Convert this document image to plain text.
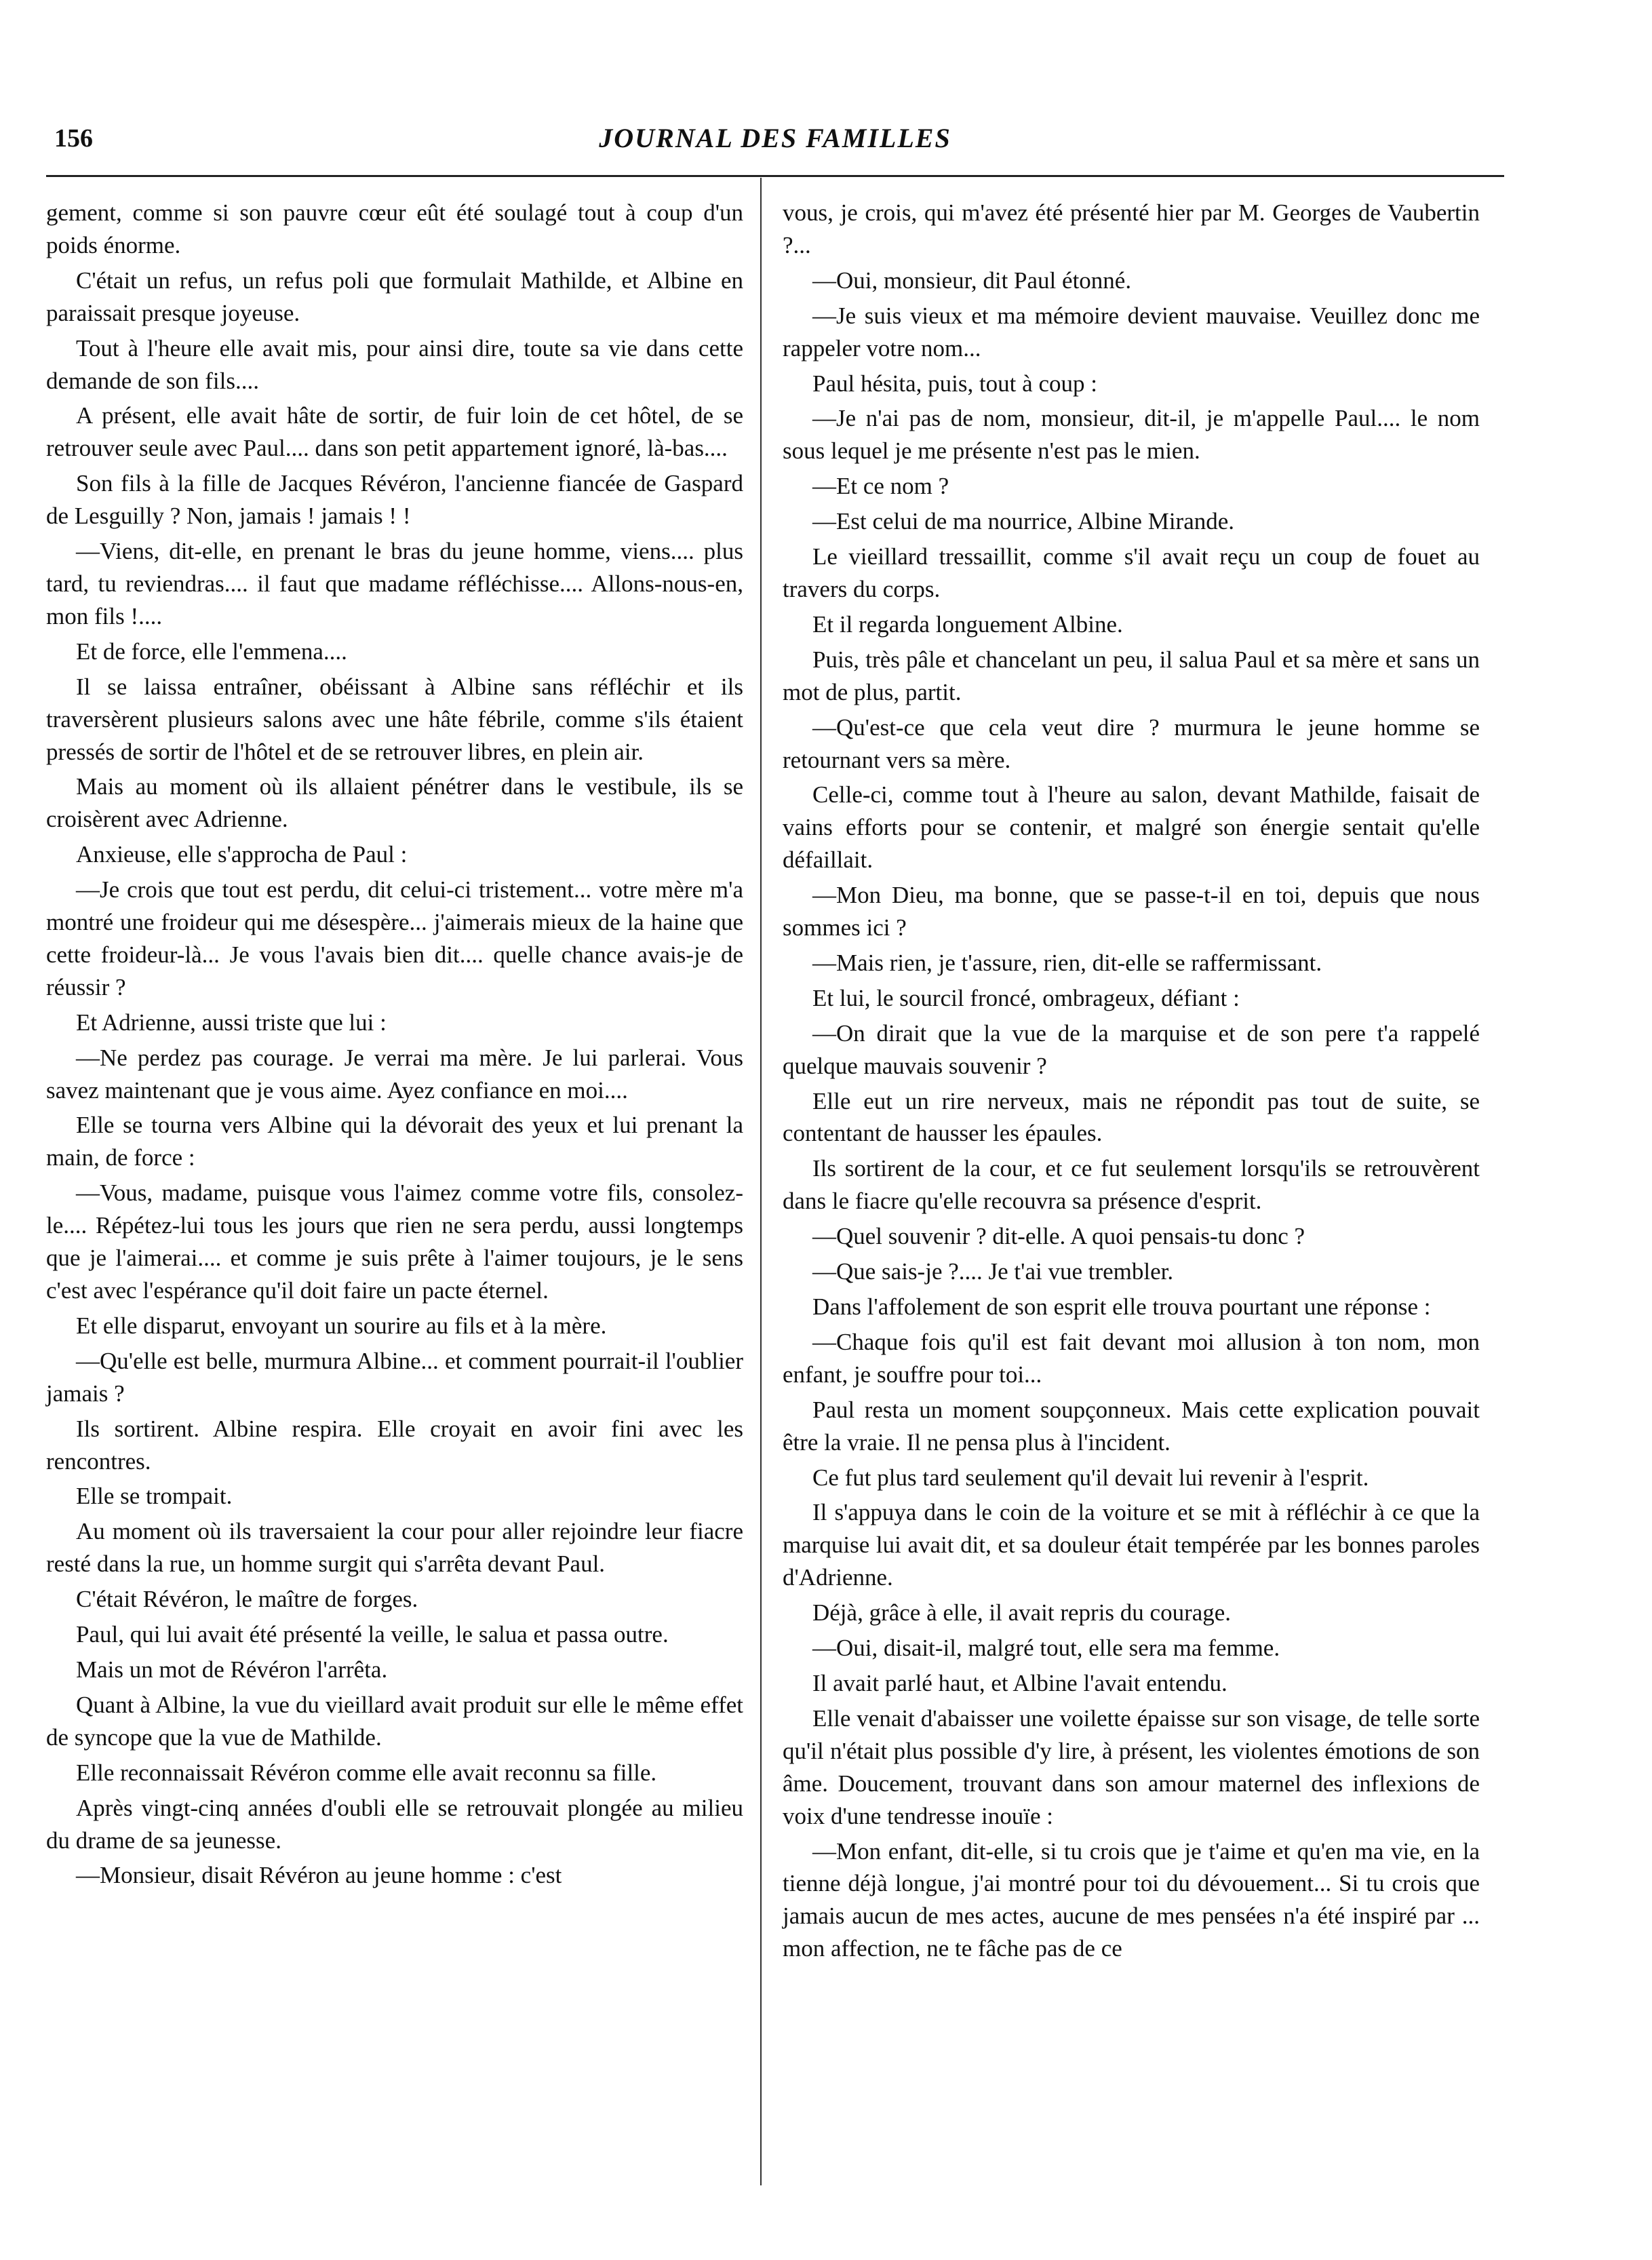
156	JOURNAL DES FAMILLES

gement, comme si son pauvre cœur eût été soulagé tout à coup d'un poids énorme.

C'était un refus, un refus poli que formulait Mathilde, et Albine en paraissait presque joyeuse.

Tout à l'heure elle avait mis, pour ainsi dire, toute sa vie dans cette demande de son fils....

A présent, elle avait hâte de sortir, de fuir loin de cet hôtel, de se retrouver seule avec Paul.... dans son petit appartement ignoré, là-bas....

Son fils à la fille de Jacques Révéron, l'ancienne fiancée de Gaspard de Lesguilly ? Non, jamais ! jamais ! !

—Viens, dit-elle, en prenant le bras du jeune homme, viens.... plus tard, tu reviendras.... il faut que madame réfléchisse.... Allons-nous-en, mon fils !....

Et de force, elle l'emmena....

Il se laissa entraîner, obéissant à Albine sans réfléchir et ils traversèrent plusieurs salons avec une hâte fébrile, comme s'ils étaient pressés de sortir de l'hôtel et de se retrouver libres, en plein air.

Mais au moment où ils allaient pénétrer dans le vestibule, ils se croisèrent avec Adrienne.

Anxieuse, elle s'approcha de Paul :

—Je crois que tout est perdu, dit celui-ci tristement... votre mère m'a montré une froideur qui me désespère... j'aimerais mieux de la haine que cette froideur-là... Je vous l'avais bien dit.... quelle chance avais-je de réussir ?

Et Adrienne, aussi triste que lui :

—Ne perdez pas courage. Je verrai ma mère. Je lui parlerai. Vous savez maintenant que je vous aime. Ayez confiance en moi....

Elle se tourna vers Albine qui la dévorait des yeux et lui prenant la main, de force :

—Vous, madame, puisque vous l'aimez comme votre fils, consolez-le.... Répétez-lui tous les jours que rien ne sera perdu, aussi longtemps que je l'aimerai.... et comme je suis prête à l'aimer toujours, je le sens c'est avec l'espérance qu'il doit faire un pacte éternel.

Et elle disparut, envoyant un sourire au fils et à la mère.

—Qu'elle est belle, murmura Albine... et comment pourrait-il l'oublier jamais ?

Ils sortirent. Albine respira. Elle croyait en avoir fini avec les rencontres.

Elle se trompait.

Au moment où ils traversaient la cour pour aller rejoindre leur fiacre resté dans la rue, un homme surgit qui s'arrêta devant Paul.

C'était Révéron, le maître de forges.

Paul, qui lui avait été présenté la veille, le salua et passa outre.

Mais un mot de Révéron l'arrêta.

Quant à Albine, la vue du vieillard avait produit sur elle le même effet de syncope que la vue de Mathilde.

Elle reconnaissait Révéron comme elle avait reconnu sa fille.

Après vingt-cinq années d'oubli elle se retrouvait plongée au milieu du drame de sa jeunesse.

—Monsieur, disait Révéron au jeune homme : c'est

vous, je crois, qui m'avez été présenté hier par M. Georges de Vaubertin ?...

—Oui, monsieur, dit Paul étonné.

—Je suis vieux et ma mémoire devient mauvaise. Veuillez donc me rappeler votre nom...

Paul hésita, puis, tout à coup :

—Je n'ai pas de nom, monsieur, dit-il, je m'appelle Paul.... le nom sous lequel je me présente n'est pas le mien.

—Et ce nom ?

—Est celui de ma nourrice, Albine Mirande.

Le vieillard tressaillit, comme s'il avait reçu un coup de fouet au travers du corps.

Et il regarda longuement Albine.

Puis, très pâle et chancelant un peu, il salua Paul et sa mère et sans un mot de plus, partit.

—Qu'est-ce que cela veut dire ? murmura le jeune homme se retournant vers sa mère.

Celle-ci, comme tout à l'heure au salon, devant Mathilde, faisait de vains efforts pour se contenir, et malgré son énergie sentait qu'elle défaillait.

—Mon Dieu, ma bonne, que se passe-t-il en toi, depuis que nous sommes ici ?

—Mais rien, je t'assure, rien, dit-elle se raffermissant.

Et lui, le sourcil froncé, ombrageux, défiant :

—On dirait que la vue de la marquise et de son pere t'a rappelé quelque mauvais souvenir ?

Elle eut un rire nerveux, mais ne répondit pas tout de suite, se contentant de hausser les épaules.

Ils sortirent de la cour, et ce fut seulement lorsqu'ils se retrouvèrent dans le fiacre qu'elle recouvra sa présence d'esprit.

—Quel souvenir ? dit-elle. A quoi pensais-tu donc ?

—Que sais-je ?.... Je t'ai vue trembler.

Dans l'affolement de son esprit elle trouva pourtant une réponse :

—Chaque fois qu'il est fait devant moi allusion à ton nom, mon enfant, je souffre pour toi...

Paul resta un moment soupçonneux. Mais cette explication pouvait être la vraie. Il ne pensa plus à l'incident.

Ce fut plus tard seulement qu'il devait lui revenir à l'esprit.

Il s'appuya dans le coin de la voiture et se mit à réfléchir à ce que la marquise lui avait dit, et sa douleur était tempérée par les bonnes paroles d'Adrienne.

Déjà, grâce à elle, il avait repris du courage.

—Oui, disait-il, malgré tout, elle sera ma femme.

Il avait parlé haut, et Albine l'avait entendu.

Elle venait d'abaisser une voilette épaisse sur son visage, de telle sorte qu'il n'était plus possible d'y lire, à présent, les violentes émotions de son âme. Doucement, trouvant dans son amour maternel des inflexions de voix d'une tendresse inouïe :

—Mon enfant, dit-elle, si tu crois que je t'aime et qu'en ma vie, en la tienne déjà longue, j'ai montré pour toi du dévouement... Si tu crois que jamais aucun de mes actes, aucune de mes pensées n'a été inspiré par ... mon affection, ne te fâche pas de ce
